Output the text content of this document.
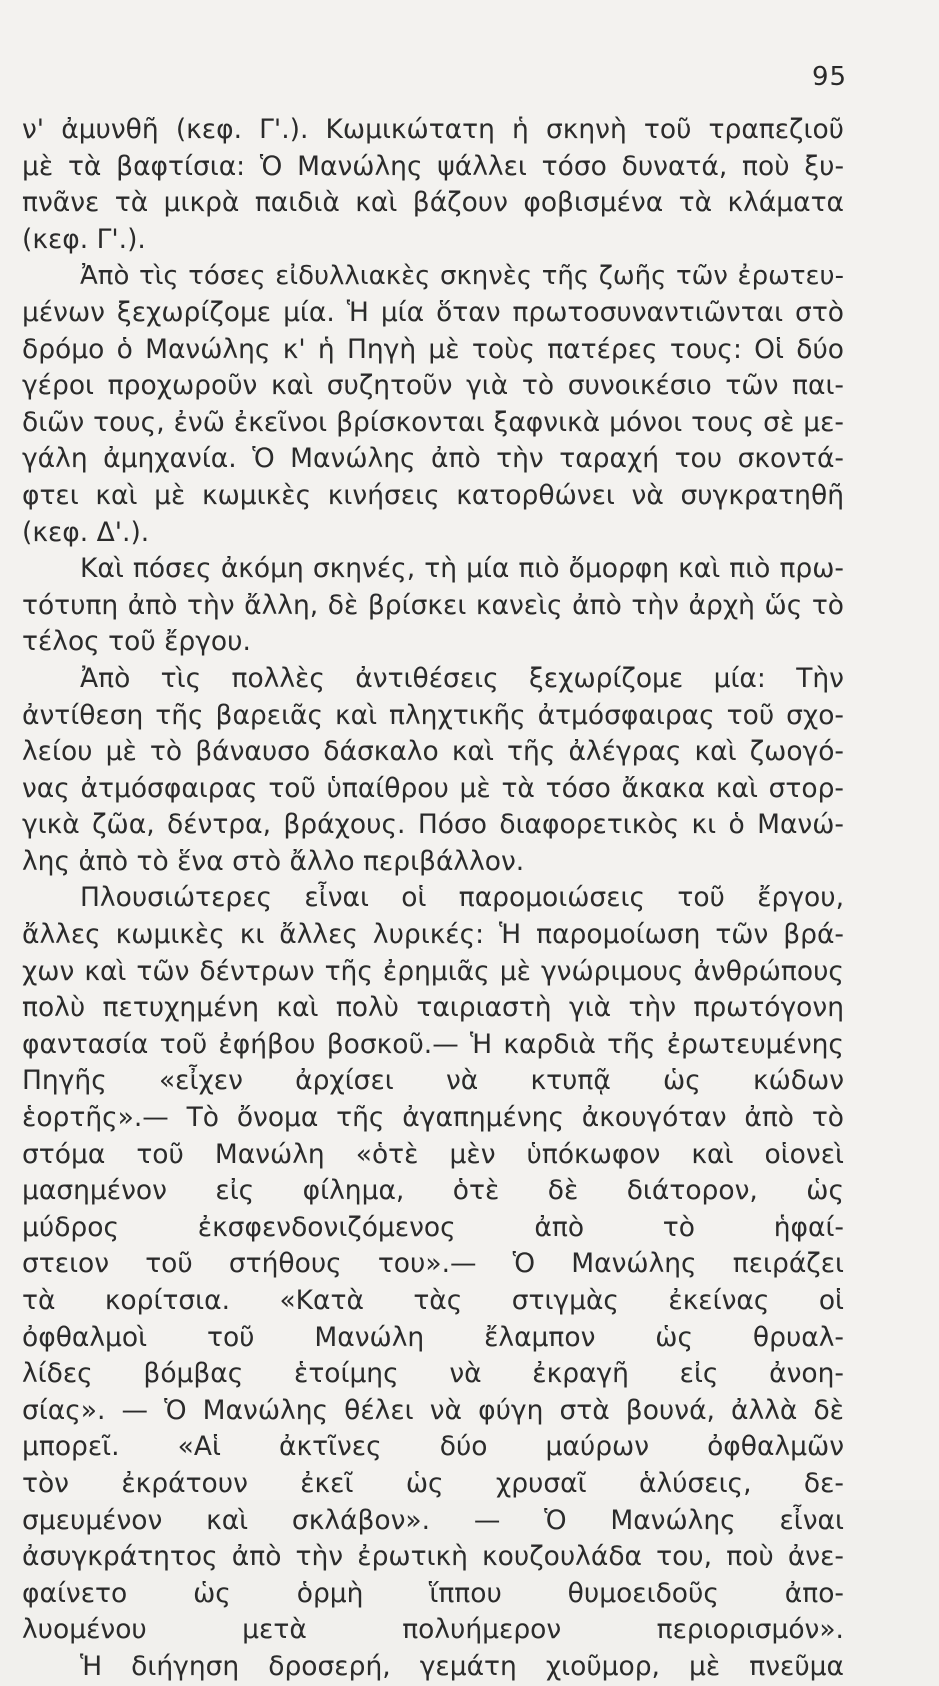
95
ν' ἀμυνθῆ (κεφ. Γ'.). Κωμικώτατη ἡ σκηνὴ τοῦ τραπεζιοῦ
μὲ τὰ βαφτίσια: Ὁ Μανώλης ψάλλει τόσο δυνατά, ποὺ ξυ-
πνᾶνε τὰ μικρὰ παιδιὰ καὶ βάζουν φοβισμένα τὰ κλάματα
(κεφ. Γ'.).
Ἀπὸ τὶς τόσες εἰδυλλιακὲς σκηνὲς τῆς ζωῆς τῶν ἐρωτευ-
μένων ξεχωρίζομε μία. Ἡ μία ὅταν πρωτοσυναντιῶνται στὸ
δρόμο ὁ Μανώλης κ' ἡ Πηγὴ μὲ τοὺς πατέρες τους: Οἱ δύο
γέροι προχωροῦν καὶ συζητοῦν γιὰ τὸ συνοικέσιο τῶν παι-
διῶν τους, ἐνῶ ἐκεῖνοι βρίσκονται ξαφνικὰ μόνοι τους σὲ με-
γάλη ἀμηχανία. Ὁ Μανώλης ἀπὸ τὴν ταραχή του σκοντά-
φτει καὶ μὲ κωμικὲς κινήσεις κατορθώνει νὰ συγκρατηθῆ
(κεφ. Δ'.).
Καὶ πόσες ἀκόμη σκηνές, τὴ μία πιὸ ὄμορφη καὶ πιὸ πρω-
τότυπη ἀπὸ τὴν ἄλλη, δὲ βρίσκει κανεὶς ἀπὸ τὴν ἀρχὴ ὥς τὸ
τέλος τοῦ ἔργου.
Ἀπὸ τὶς πολλὲς ἀντιθέσεις ξεχωρίζομε μία: Τὴν
ἀντίθεση τῆς βαρειᾶς καὶ πληχτικῆς ἀτμόσφαιρας τοῦ σχο-
λείου μὲ τὸ βάναυσο δάσκαλο καὶ τῆς ἀλέγρας καὶ ζωογό-
νας ἀτμόσφαιρας τοῦ ὑπαίθρου μὲ τὰ τόσο ἄκακα καὶ στορ-
γικὰ ζῶα, δέντρα, βράχους. Πόσο διαφορετικὸς κι ὁ Μανώ-
λης ἀπὸ τὸ ἕνα στὸ ἄλλο περιβάλλον.
Πλουσιώτερες εἶναι οἱ παρομοιώσεις τοῦ ἔργου,
ἄλλες κωμικὲς κι ἄλλες λυρικές: Ἡ παρομοίωση τῶν βρά-
χων καὶ τῶν δέντρων τῆς ἐρημιᾶς μὲ γνώριμους ἀνθρώπους
πολὺ πετυχημένη καὶ πολὺ ταιριαστὴ γιὰ τὴν πρωτόγονη
φαντασία τοῦ ἐφήβου βοσκοῦ.— Ἡ καρδιὰ τῆς ἐρωτευμένης
Πηγῆς «εἶχεν ἀρχίσει νὰ κτυπᾷ ὡς κώδων
ἑορτῆς».— Τὸ ὄνομα τῆς ἀγαπημένης ἀκουγόταν ἀπὸ τὸ
στόμα τοῦ Μανώλη «ὁτὲ μὲν ὑπόκωφον καὶ οἱονεὶ
μασημένον εἰς φίλημα, ὁτὲ δὲ διάτορον, ὡς
μύδρος ἐκσφενδονιζόμενος ἀπὸ τὸ ἡφαί-
στειον τοῦ στήθους του».— Ὁ Μανώλης πειράζει
τὰ κορίτσια. «Κατὰ τὰς στιγμὰς ἐκείνας οἱ
ὀφθαλμοὶ τοῦ Μανώλη ἔλαμπον ὡς θρυαλ-
λίδες βόμβας ἑτοίμης νὰ ἐκραγῆ εἰς ἀνοη-
σίας». — Ὁ Μανώλης θέλει νὰ φύγη στὰ βουνά, ἀλλὰ δὲ
μπορεῖ. «Αἱ ἀκτῖνες δύο μαύρων ὀφθαλμῶν
τὸν ἐκράτουν ἐκεῖ ὡς χρυσαῖ ἁλύσεις, δε-
σμευμένον καὶ σκλάβον». — Ὁ Μανώλης εἶναι
ἀσυγκράτητος ἀπὸ τὴν ἐρωτικὴ κουζουλάδα του, ποὺ ἀνε-
φαίνετο ὡς ὁρμὴ ἵππου θυμοειδοῦς ἀπο-
λυομένου μετὰ πολυήμερον περιορισμόν».
Ἡ διήγηση δροσερή, γεμάτη χιοῦμορ, μὲ πνεῦμα
